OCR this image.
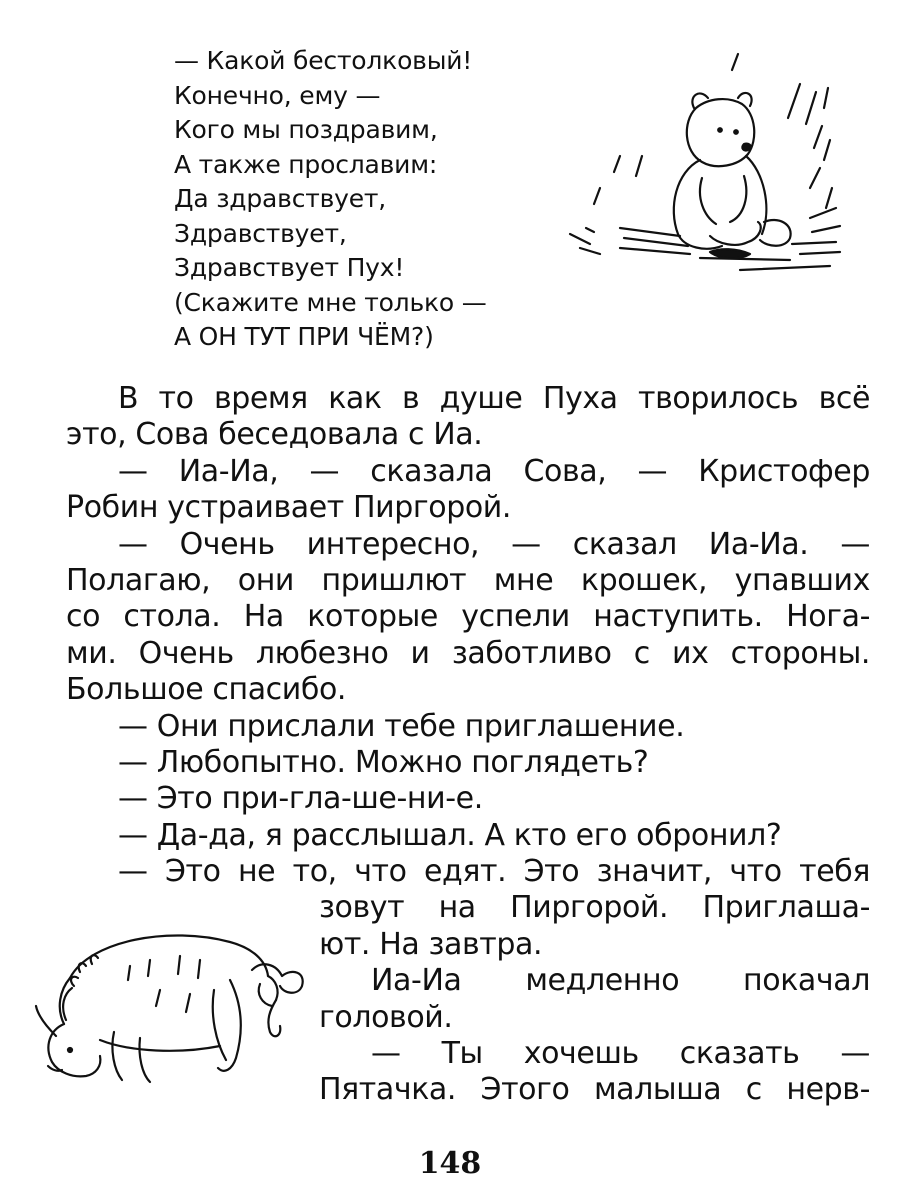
— Какой бестолковый!
Конечно, ему —
Кого мы поздравим,
А также прославим:
Да здравствует,
Здравствует,
Здравствует Пух!
(Скажите мне только —
А ОН ТУТ ПРИ ЧЁМ?)
В то время как в душе Пуха творилось всё
это, Сова беседовала с Иа.
— Иа-Иа, — сказала Сова, — Кристофер
Робин устраивает Пиргорой.
— Очень интересно, — сказал Иа-Иа. —
Полагаю, они пришлют мне крошек, упавших
со стола. На которые успели наступить. Нога-
ми. Очень любезно и заботливо с их стороны.
Большое спасибо.
— Они прислали тебе приглашение.
— Любопытно. Можно поглядеть?
— Это при-гла-ше-ни-е.
— Да-да, я расслышал. А кто его обронил?
— Это не то, что едят. Это значит, что тебя
зовут на Пиргорой. Приглаша-
ют. На завтра.
Иа-Иа медленно покачал
головой.
— Ты хочешь сказать —
Пятачка. Этого малыша с нерв-
148
